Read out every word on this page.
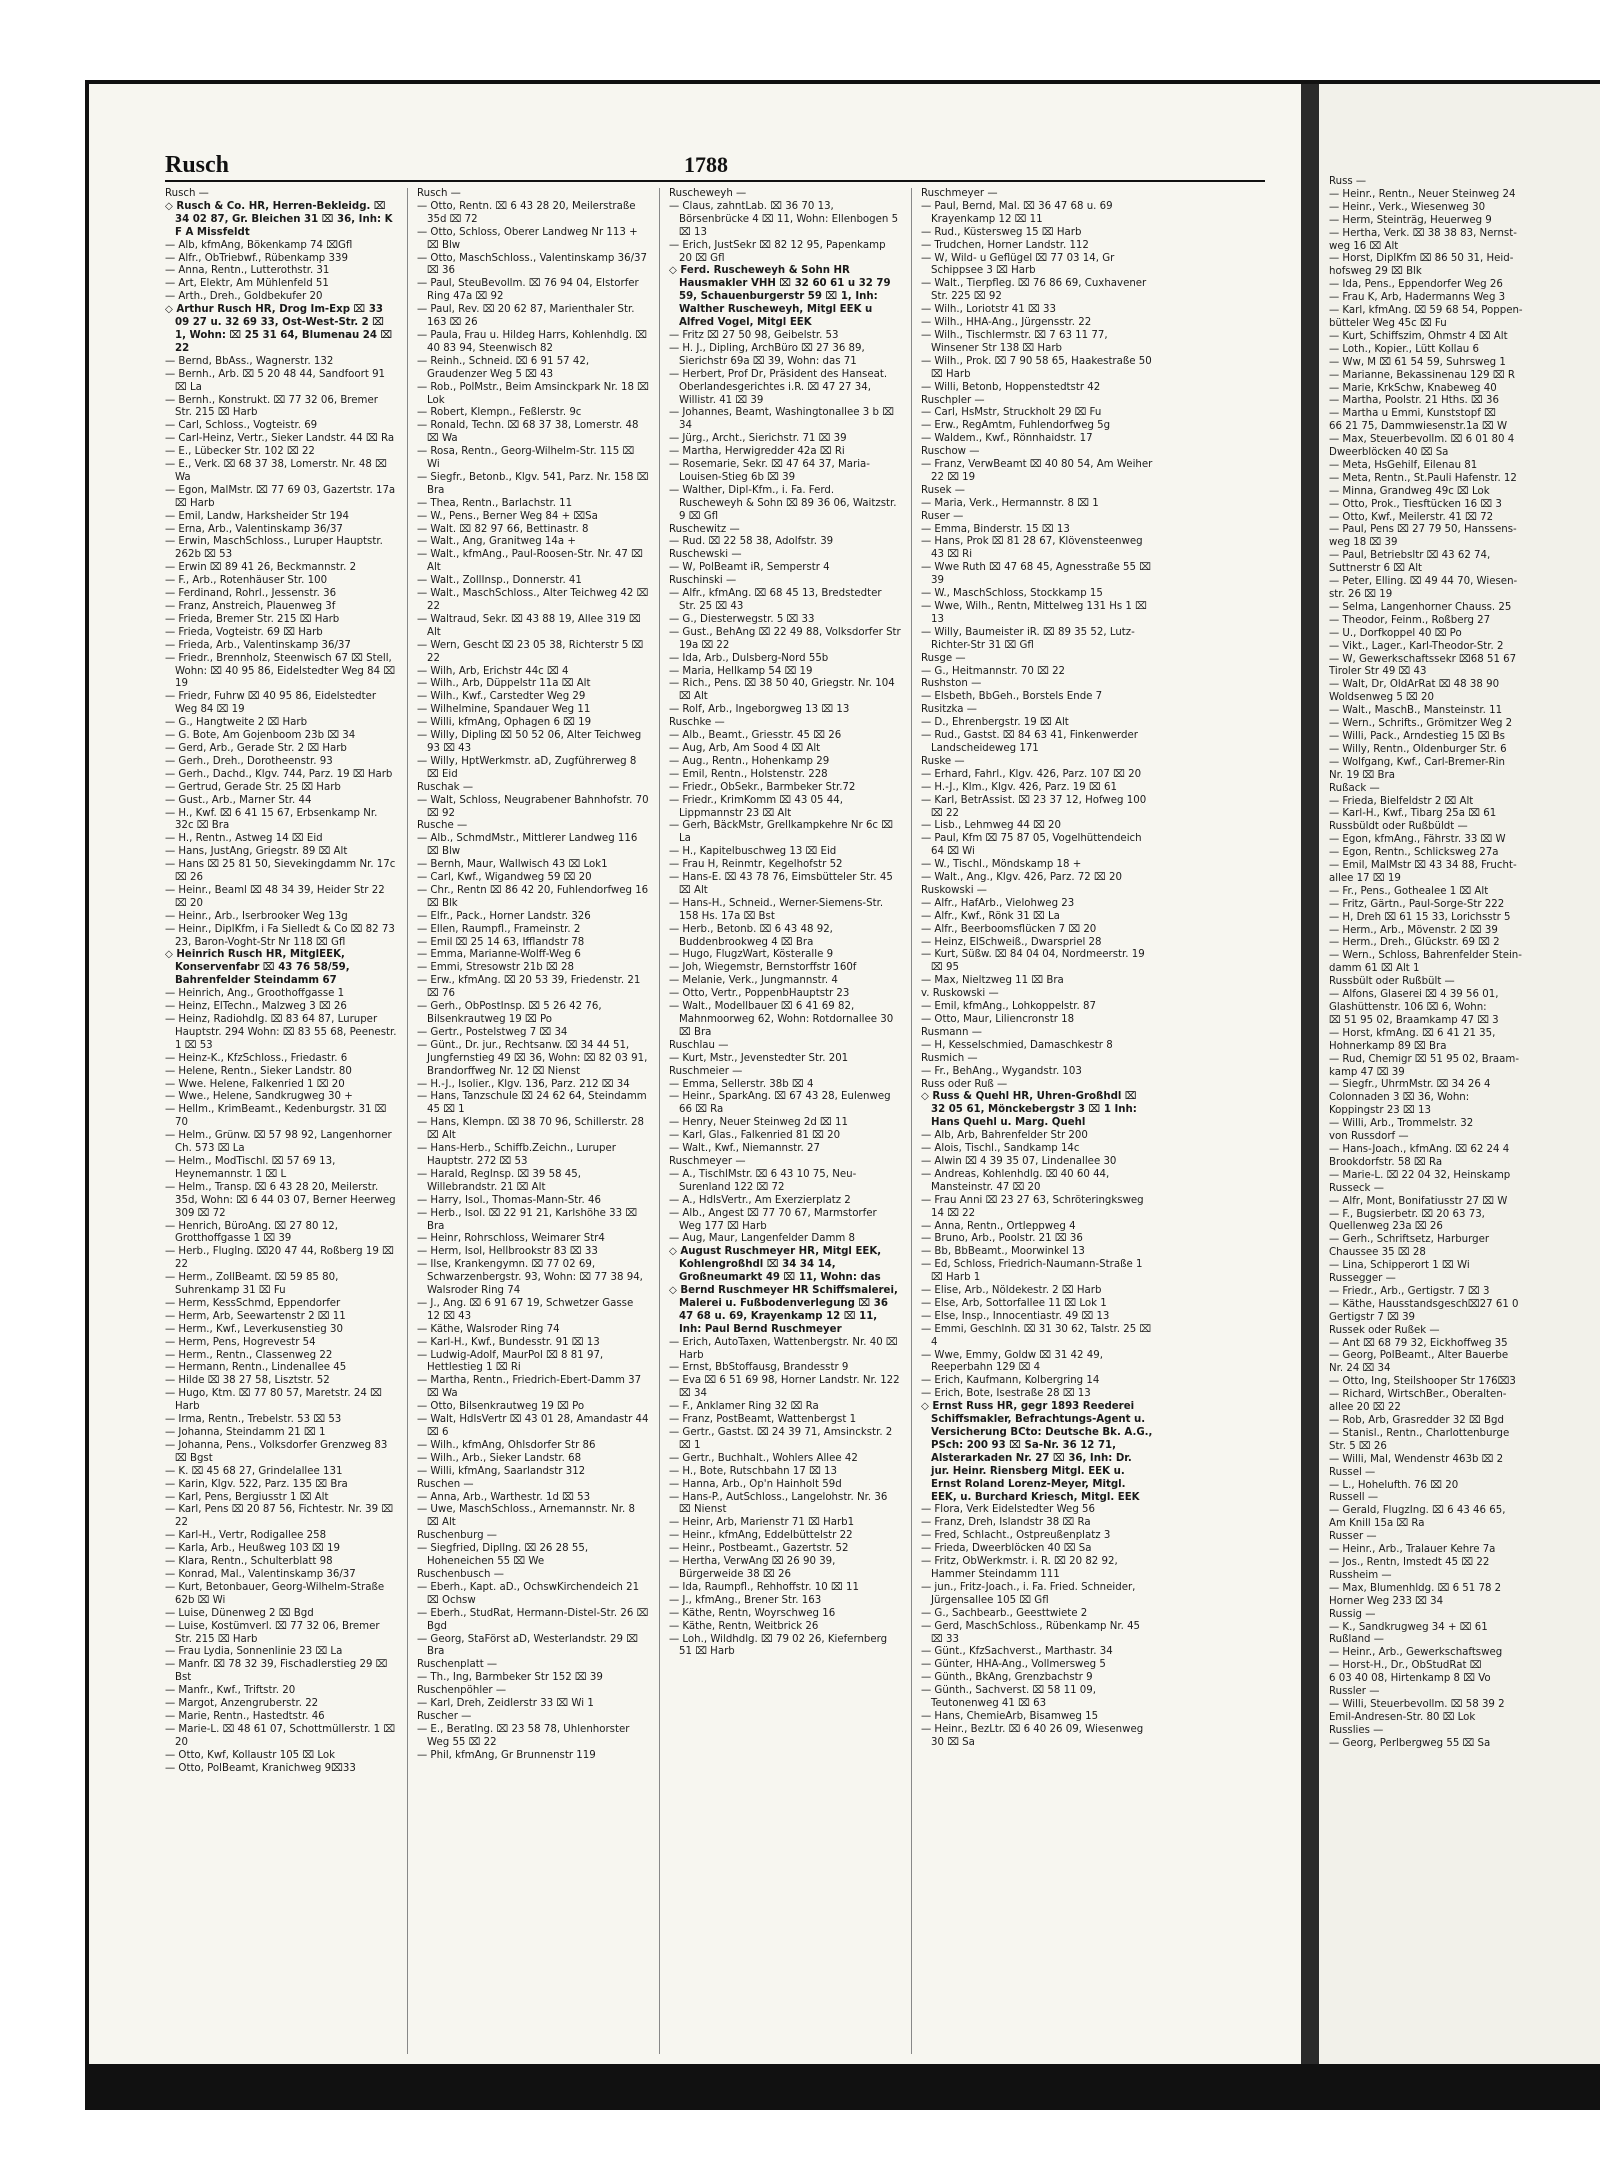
Rusch	1788
Rusch —
◇ Rusch & Co. HR, Herren-Bekleidg. ⌧ 34 02 87, Gr. Bleichen 31 ⌧ 36, Inh: K F A Missfeldt
— Alb, kfmAng, Bökenkamp 74 ⌧Gfl
— Alfr., ObTriebwf., Rübenkamp 339
— Anna, Rentn., Lutterothstr. 31
— Art, Elektr, Am Mühlenfeld 51
— Arth., Dreh., Goldbekufer 20
◇ Arthur Rusch HR, Drog Im-Exp ⌧ 33 09 27 u. 32 69 33, Ost-West-Str. 2 ⌧ 1, Wohn: ⌧ 25 31 64, Blumenau 24 ⌧ 22
— Bernd, BbAss., Wagnerstr. 132
— Bernh., Arb. ⌧ 5 20 48 44, Sandfoort 91 ⌧ La
— Bernh., Konstrukt. ⌧ 77 32 06, Bremer Str. 215 ⌧ Harb
— Carl, Schloss., Vogteistr. 69
— Carl-Heinz, Vertr., Sieker Landstr. 44 ⌧ Ra
— E., Lübecker Str. 102 ⌧ 22
— E., Verk. ⌧ 68 37 38, Lomerstr. Nr. 48 ⌧ Wa
— Egon, MalMstr. ⌧ 77 69 03, Gazertstr. 17a ⌧ Harb
— Emil, Landw, Harksheider Str 194
— Erna, Arb., Valentinskamp 36/37
— Erwin, MaschSchloss., Luruper Hauptstr. 262b ⌧ 53
— Erwin ⌧ 89 41 26, Beckmannstr. 2
— F., Arb., Rotenhäuser Str. 100
— Ferdinand, Rohrl., Jessenstr. 36
— Franz, Anstreich, Plauenweg 3f
— Frieda, Bremer Str. 215 ⌧ Harb
— Frieda, Vogteistr. 69 ⌧ Harb
— Frieda, Arb., Valentinskamp 36/37
— Friedr., Brennholz, Steenwisch 67 ⌧ Stell, Wohn: ⌧ 40 95 86, Eidelstedter Weg 84 ⌧ 19
— Friedr, Fuhrw ⌧ 40 95 86, Eidelstedter Weg 84 ⌧ 19
— G., Hangtweite 2 ⌧ Harb
— G. Bote, Am Gojenboom 23b ⌧ 34
— Gerd, Arb., Gerade Str. 2 ⌧ Harb
— Gerh., Dreh., Dorotheenstr. 93
— Gerh., Dachd., Klgv. 744, Parz. 19 ⌧ Harb
— Gertrud, Gerade Str. 25 ⌧ Harb
— Gust., Arb., Marner Str. 44
— H., Kwf. ⌧ 6 41 15 67, Erbsenkamp Nr. 32c ⌧ Bra
— H., Rentn., Astweg 14 ⌧ Eid
— Hans, JustAng, Griegstr. 89 ⌧ Alt
— Hans ⌧ 25 81 50, Sievekingdamm Nr. 17c ⌧ 26
— Heinr., Beaml ⌧ 48 34 39, Heider Str 22 ⌧ 20
— Heinr., Arb., Iserbrooker Weg 13g
— Heinr., DiplKfm, i Fa Sielledt & Co ⌧ 82 73 23, Baron-Voght-Str Nr 118 ⌧ Gfl
◇ Heinrich Rusch HR, MitglEEK, Konservenfabr ⌧ 43 76 58/59, Bahrenfelder Steindamm 67
— Heinrich, Ang., Groothoffgasse 1
— Heinz, ElTechn., Malzweg 3 ⌧ 26
— Heinz, Radiohdlg. ⌧ 83 64 87, Luruper Hauptstr. 294 Wohn: ⌧ 83 55 68, Peenestr. 1 ⌧ 53
— Heinz-K., KfzSchloss., Friedastr. 6
— Helene, Rentn., Sieker Landstr. 80
— Wwe. Helene, Falkenried 1 ⌧ 20
— Wwe., Helene, Sandkrugweg 30 +
— Hellm., KrimBeamt., Kedenburgstr. 31 ⌧ 70
— Helm., Grünw. ⌧ 57 98 92, Langenhorner Ch. 573 ⌧ La
— Helm., ModTischl. ⌧ 57 69 13, Heynemannstr. 1 ⌧ L
— Helm., Transp. ⌧ 6 43 28 20, Meilerstr. 35d, Wohn: ⌧ 6 44 03 07, Berner Heerweg 309 ⌧ 72
— Henrich, BüroAng. ⌧ 27 80 12, Grotthoffgasse 1 ⌧ 39
— Herb., Fluglng. ⌧20 47 44, Roßberg 19 ⌧ 22
— Herm., ZollBeamt. ⌧ 59 85 80, Suhrenkamp 31 ⌧ Fu
— Herm, KessSchmd, Eppendorfer
— Herm, Arb, Seewartenstr 2 ⌧ 11
— Herm., Kwf., Leverkusenstieg 30
— Herm, Pens, Hogrevestr 54
— Herm., Rentn., Classenweg 22
— Hermann, Rentn., Lindenallee 45
— Hilde ⌧ 38 27 58, Lisztstr. 52
— Hugo, Ktm. ⌧ 77 80 57, Maretstr. 24 ⌧ Harb
— Irma, Rentn., Trebelstr. 53 ⌧ 53
— Johanna, Steindamm 21 ⌧ 1
— Johanna, Pens., Volksdorfer Grenzweg 83 ⌧ Bgst
— K. ⌧ 45 68 27, Grindelallee 131
— Karin, Klgv. 522, Parz. 135 ⌧ Bra
— Karl, Pens, Bergiusstr 1 ⌧ Alt
— Karl, Pens ⌧ 20 87 56, Fichtestr. Nr. 39 ⌧ 22
— Karl-H., Vertr, Rodigallee 258
— Karla, Arb., Heußweg 103 ⌧ 19
— Klara, Rentn., Schulterblatt 98
— Konrad, Mal., Valentinskamp 36/37
— Kurt, Betonbauer, Georg-Wilhelm-Straße 62b ⌧ Wi
— Luise, Dünenweg 2 ⌧ Bgd
— Luise, Kostümverl. ⌧ 77 32 06, Bremer Str. 215 ⌧ Harb
— Frau Lydia, Sonnenlinie 23 ⌧ La
— Manfr. ⌧ 78 32 39, Fischadlerstieg 29 ⌧ Bst
— Manfr., Kwf., Triftstr. 20
— Margot, Anzengruberstr. 22
— Marie, Rentn., Hastedtstr. 46
— Marie-L. ⌧ 48 61 07, Schottmüllerstr. 1 ⌧ 20
— Otto, Kwf, Kollaustr 105 ⌧ Lok
— Otto, PolBeamt, Kranichweg 9⌧33
Rusch —
— Otto, Rentn. ⌧ 6 43 28 20, Meilerstraße 35d ⌧ 72
— Otto, Schloss, Oberer Landweg Nr 113 + ⌧ Blw
— Otto, MaschSchloss., Valentinskamp 36/37 ⌧ 36
— Paul, SteuBevollm. ⌧ 76 94 04, Elstorfer Ring 47a ⌧ 92
— Paul, Rev. ⌧ 20 62 87, Marienthaler Str. 163 ⌧ 26
— Paula, Frau u. Hildeg Harrs, Kohlenhdlg. ⌧ 40 83 94, Steenwisch 82
— Reinh., Schneid. ⌧ 6 91 57 42, Graudenzer Weg 5 ⌧ 43
— Rob., PolMstr., Beim Amsinckpark Nr. 18 ⌧ Lok
— Robert, Klempn., Feßlerstr. 9c
— Ronald, Techn. ⌧ 68 37 38, Lomerstr. 48 ⌧ Wa
— Rosa, Rentn., Georg-Wilhelm-Str. 115 ⌧ Wi
— Siegfr., Betonb., Klgv. 541, Parz. Nr. 158 ⌧ Bra
— Thea, Rentn., Barlachstr. 11
— W., Pens., Berner Weg 84 + ⌧Sa
— Walt. ⌧ 82 97 66, Bettinastr. 8
— Walt., Ang, Granitweg 14a +
— Walt., kfmAng., Paul-Roosen-Str. Nr. 47 ⌧ Alt
— Walt., ZollInsp., Donnerstr. 41
— Walt., MaschSchloss., Alter Teichweg 42 ⌧ 22
— Waltraud, Sekr. ⌧ 43 88 19, Allee 319 ⌧ Alt
— Wern, Gescht ⌧ 23 05 38, Richterstr 5 ⌧ 22
— Wilh, Arb, Erichstr 44c ⌧ 4
— Wilh., Arb, Düppelstr 11a ⌧ Alt
— Wilh., Kwf., Carstedter Weg 29
— Wilhelmine, Spandauer Weg 11
— Willi, kfmAng, Ophagen 6 ⌧ 19
— Willy, Dipling ⌧ 50 52 06, Alter Teichweg 93 ⌧ 43
— Willy, HptWerkmstr. aD, Zugführerweg 8 ⌧ Eid
Ruschak —
— Walt, Schloss, Neugrabener Bahnhofstr. 70 ⌧ 92
Rusche —
— Alb., SchmdMstr., Mittlerer Landweg 116 ⌧ Blw
— Bernh, Maur, Wallwisch 43 ⌧ Lok1
— Carl, Kwf., Wigandweg 59 ⌧ 20
— Chr., Rentn ⌧ 86 42 20, Fuhlendorfweg 16 ⌧ Blk
— Elfr., Pack., Horner Landstr. 326
— Ellen, Raumpfl., Frameinstr. 2
— Emil ⌧ 25 14 63, Ifflandstr 78
— Emma, Marianne-Wolff-Weg 6
— Emmi, Stresowstr 21b ⌧ 28
— Erw., kfmAng. ⌧ 20 53 39, Friedenstr. 21 ⌧ 76
— Gerh., ObPostInsp. ⌧ 5 26 42 76, Bilsenkrautweg 19 ⌧ Po
— Gertr., Postelstweg 7 ⌧ 34
— Günt., Dr. jur., Rechtsanw. ⌧ 34 44 51, Jungfernstieg 49 ⌧ 36, Wohn: ⌧ 82 03 91, Brandorffweg Nr. 12 ⌧ Nienst
— H.-J., Isolier., Klgv. 136, Parz. 212 ⌧ 34
— Hans, Tanzschule ⌧ 24 62 64, Steindamm 45 ⌧ 1
— Hans, Klempn. ⌧ 38 70 96, Schillerstr. 28 ⌧ Alt
— Hans-Herb., Schiffb.Zeichn., Luruper Hauptstr. 272 ⌧ 53
— Harald, Reglnsp. ⌧ 39 58 45, Willebrandstr. 21 ⌧ Alt
— Harry, Isol., Thomas-Mann-Str. 46
— Herb., Isol. ⌧ 22 91 21, Karlshöhe 33 ⌧ Bra
— Heinr, Rohrschloss, Weimarer Str4
— Herm, Isol, Hellbrookstr 83 ⌧ 33
— Ilse, Krankengymn. ⌧ 77 02 69, Schwarzenbergstr. 93, Wohn: ⌧ 77 38 94, Walsroder Ring 74
— J., Ang. ⌧ 6 91 67 19, Schwetzer Gasse 12 ⌧ 43
— Käthe, Walsroder Ring 74
— Karl-H., Kwf., Bundesstr. 91 ⌧ 13
— Ludwig-Adolf, MaurPol ⌧ 8 81 97, Hettlestieg 1 ⌧ Ri
— Martha, Rentn., Friedrich-Ebert-Damm 37 ⌧ Wa
— Otto, Bilsenkrautweg 19 ⌧ Po
— Walt, HdlsVertr ⌧ 43 01 28, Amandastr 44 ⌧ 6
— Wilh., kfmAng, Ohlsdorfer Str 86
— Wilh., Arb., Sieker Landstr. 68
— Willi, kfmAng, Saarlandstr 312
Ruschen —
— Anna, Arb., Warthestr. 1d ⌧ 53
— Uwe, MaschSchloss., Arnemannstr. Nr. 8 ⌧ Alt
Ruschenburg —
— Siegfried, Dipllng. ⌧ 26 28 55, Hoheneichen 55 ⌧ We
Ruschenbusch —
— Eberh., Kapt. aD., OchswKirchendeich 21 ⌧ Ochsw
— Eberh., StudRat, Hermann-Distel-Str. 26 ⌧ Bgd
— Georg, StaFörst aD, Westerlandstr. 29 ⌧ Bra
Ruschenplatt —
— Th., Ing, Barmbeker Str 152 ⌧ 39
Ruschenpöhler —
— Karl, Dreh, Zeidlerstr 33 ⌧ Wi 1
Ruscher —
— E., Beratlng. ⌧ 23 58 78, Uhlenhorster Weg 55 ⌧ 22
— Phil, kfmAng, Gr Brunnenstr 119
Ruscheweyh —
— Claus, zahntLab. ⌧ 36 70 13, Börsenbrücke 4 ⌧ 11, Wohn: Ellenbogen 5 ⌧ 13
— Erich, JustSekr ⌧ 82 12 95, Papenkamp 20 ⌧ Gfl
◇ Ferd. Ruscheweyh & Sohn HR Hausmakler VHH ⌧ 32 60 61 u 32 79 59, Schauenburgerstr 59 ⌧ 1, Inh: Walther Ruscheweyh, Mitgl EEK u Alfred Vogel, Mitgl EEK
— Fritz ⌧ 27 50 98, Geibelstr. 53
— H. J., Dipling, ArchBüro ⌧ 27 36 89, Sierichstr 69a ⌧ 39, Wohn: das 71
— Herbert, Prof Dr, Präsident des Hanseat. Oberlandesgerichtes i.R. ⌧ 47 27 34, Willistr. 41 ⌧ 39
— Johannes, Beamt, Washingtonallee 3 b ⌧ 34
— Jürg., Archt., Sierichstr. 71 ⌧ 39
— Martha, Herwigredder 42a ⌧ Ri
— Rosemarie, Sekr. ⌧ 47 64 37, Maria-Louisen-Stieg 6b ⌧ 39
— Walther, Dipl-Kfm., i. Fa. Ferd. Ruscheweyh & Sohn ⌧ 89 36 06, Waitzstr. 9 ⌧ Gfl
Ruschewitz —
— Rud. ⌧ 22 58 38, Adolfstr. 39
Ruschewski —
— W, PolBeamt iR, Semperstr 4
Ruschinski —
— Alfr., kfmAng. ⌧ 68 45 13, Bredstedter Str. 25 ⌧ 43
— G., Diesterwegstr. 5 ⌧ 33
— Gust., BehAng ⌧ 22 49 88, Volksdorfer Str 19a ⌧ 22
— Ida, Arb., Dulsberg-Nord 55b
— Maria, Hellkamp 54 ⌧ 19
— Rich., Pens. ⌧ 38 50 40, Griegstr. Nr. 104 ⌧ Alt
— Rolf, Arb., Ingeborgweg 13 ⌧ 13
Ruschke —
— Alb., Beamt., Griesstr. 45 ⌧ 26
— Aug, Arb, Am Sood 4 ⌧ Alt
— Aug., Rentn., Hohenkamp 29
— Emil, Rentn., Holstenstr. 228
— Friedr., ObSekr., Barmbeker Str.72
— Friedr., KrimKomm ⌧ 43 05 44, Lippmannstr 23 ⌧ Alt
— Gerh, BäckMstr, Grellkampkehre Nr 6c ⌧ La
— H., Kapitelbuschweg 13 ⌧ Eid
— Frau H, Reinmtr, Kegelhofstr 52
— Hans-E. ⌧ 43 78 76, Eimsbütteler Str. 45 ⌧ Alt
— Hans-H., Schneid., Werner-Siemens-Str. 158 Hs. 17a ⌧ Bst
— Herb., Betonb. ⌧ 6 43 48 92, Buddenbrookweg 4 ⌧ Bra
— Hugo, FlugzWart, Kösteralle 9
— Joh, Wiegemstr, Bernstorffstr 160f
— Melanie, Verk., Jungmannstr. 4
— Otto, Vertr., PoppenbHauptstr 23
— Walt., Modellbauer ⌧ 6 41 69 82, Mahnmoorweg 62, Wohn: Rotdornallee 30 ⌧ Bra
Ruschlau —
— Kurt, Mstr., Jevenstedter Str. 201
Ruschmeier —
— Emma, Sellerstr. 38b ⌧ 4
— Heinr., SparkAng. ⌧ 67 43 28, Eulenweg 66 ⌧ Ra
— Henry, Neuer Steinweg 2d ⌧ 11
— Karl, Glas., Falkenried 81 ⌧ 20
— Walt., Kwf., Niemannstr. 27
Ruschmeyer —
— A., TischlMstr. ⌧ 6 43 10 75, Neu-Surenland 122 ⌧ 72
— A., HdlsVertr., Am Exerzierplatz 2
— Alb., Angest ⌧ 77 70 67, Marmstorfer Weg 177 ⌧ Harb
— Aug, Maur, Langenfelder Damm 8
◇ August Ruschmeyer HR, Mitgl EEK, Kohlengroßhdl ⌧ 34 34 14, Großneumarkt 49 ⌧ 11, Wohn: das
◇ Bernd Ruschmeyer HR Schiffsmalerei, Malerei u. Fußbodenverlegung ⌧ 36 47 68 u. 69, Krayenkamp 12 ⌧ 11, Inh: Paul Bernd Ruschmeyer
— Erich, AutoTaxen, Wattenbergstr. Nr. 40 ⌧ Harb
— Ernst, BbStoffausg, Brandesstr 9
— Eva ⌧ 6 51 69 98, Horner Landstr. Nr. 122 ⌧ 34
— F., Anklamer Ring 32 ⌧ Ra
— Franz, PostBeamt, Wattenbergst 1
— Gertr., Gastst. ⌧ 24 39 71, Amsinckstr. 2 ⌧ 1
— Gertr., Buchhalt., Wohlers Allee 42
— H., Bote, Rutschbahn 17 ⌧ 13
— Hanna, Arb., Op'n Hainholt 59d
— Hans-P., AutSchloss., Langelohstr. Nr. 36 ⌧ Nienst
— Heinr, Arb, Marienstr 71 ⌧ Harb1
— Heinr., kfmAng, Eddelbüttelstr 22
— Heinr., Postbeamt., Gazertstr. 52
— Hertha, VerwAng ⌧ 26 90 39, Bürgerweide 38 ⌧ 26
— Ida, Raumpfl., Rehhoffstr. 10 ⌧ 11
— J., kfmAng., Brener Str. 163
— Käthe, Rentn, Woyrschweg 16
— Käthe, Rentn, Weitbrick 26
— Loh., Wildhdlg. ⌧ 79 02 26, Kiefernberg 51 ⌧ Harb
Ruschmeyer —
— Paul, Bernd, Mal. ⌧ 36 47 68 u. 69 Krayenkamp 12 ⌧ 11
— Rud., Küstersweg 15 ⌧ Harb
— Trudchen, Horner Landstr. 112
— W, Wild- u Geflügel ⌧ 77 03 14, Gr Schippsee 3 ⌧ Harb
— Walt., Tierpfleg. ⌧ 76 86 69, Cuxhavener Str. 225 ⌧ 92
— Wilh., Loriotstr 41 ⌧ 33
— Wilh., HHA-Ang., Jürgensstr. 22
— Wilh., Tischlermstr. ⌧ 7 63 11 77, Winsener Str 138 ⌧ Harb
— Wilh., Prok. ⌧ 7 90 58 65, Haakestraße 50 ⌧ Harb
— Willi, Betonb, Hoppenstedtstr 42
Ruschpler —
— Carl, HsMstr, Struckholt 29 ⌧ Fu
— Erw., RegAmtm, Fuhlendorfweg 5g
— Waldem., Kwf., Rönnhaidstr. 17
Ruschow —
— Franz, VerwBeamt ⌧ 40 80 54, Am Weiher 22 ⌧ 19
Rusek —
— Maria, Verk., Hermannstr. 8 ⌧ 1
Ruser —
— Emma, Binderstr. 15 ⌧ 13
— Hans, Prok ⌧ 81 28 67, Klövensteenweg 43 ⌧ Ri
— Wwe Ruth ⌧ 47 68 45, Agnesstraße 55 ⌧ 39
— W., MaschSchloss, Stockkamp 15
— Wwe, Wilh., Rentn, Mittelweg 131 Hs 1 ⌧ 13
— Willy, Baumeister iR. ⌧ 89 35 52, Lutz-Richter-Str 31 ⌧ Gfl
Rusge —
— G., Heitmannstr. 70 ⌧ 22
Rushston —
— Elsbeth, BbGeh., Borstels Ende 7
Rusitzka —
— D., Ehrenbergstr. 19 ⌧ Alt
— Rud., Gastst. ⌧ 84 63 41, Finkenwerder Landscheideweg 171
Ruske —
— Erhard, Fahrl., Klgv. 426, Parz. 107 ⌧ 20
— H.-J., Klm., Klgv. 426, Parz. 19 ⌧ 61
— Karl, BetrAssist. ⌧ 23 37 12, Hofweg 100 ⌧ 22
— Lisb., Lehmweg 44 ⌧ 20
— Paul, Kfm ⌧ 75 87 05, Vogelhüttendeich 64 ⌧ Wi
— W., Tischl., Möndskamp 18 +
— Walt., Ang., Klgv. 426, Parz. 72 ⌧ 20
Ruskowski —
— Alfr., HafArb., Vielohweg 23
— Alfr., Kwf., Rönk 31 ⌧ La
— Alfr., Beerboomsflücken 7 ⌧ 20
— Heinz, ElSchweiß., Dwarspriel 28
— Kurt, Süßw. ⌧ 84 04 04, Nordmeerstr. 19 ⌧ 95
— Max, Nieltzweg 11 ⌧ Bra
v. Ruskowski —
— Emil, kfmAng., Lohkoppelstr. 87
— Otto, Maur, Liliencronstr 18
Rusmann —
— H, Kesselschmied, Damaschkestr 8
Rusmich —
— Fr., BehAng., Wygandstr. 103
Russ oder Ruß —
◇ Russ & Quehl HR, Uhren-Großhdl ⌧ 32 05 61, Mönckebergstr 3 ⌧ 1 Inh: Hans Quehl u. Marg. Quehl
— Alb, Arb, Bahrenfelder Str 200
— Alois, Tischl., Sandkamp 14c
— Alwin ⌧ 4 39 35 07, Lindenallee 30
— Andreas, Kohlenhdlg. ⌧ 40 60 44, Mansteinstr. 47 ⌧ 20
— Frau Anni ⌧ 23 27 63, Schröteringksweg 14 ⌧ 22
— Anna, Rentn., Ortleppweg 4
— Bruno, Arb., Poolstr. 21 ⌧ 36
— Bb, BbBeamt., Moorwinkel 13
— Ed, Schloss, Friedrich-Naumann-Straße 1 ⌧ Harb 1
— Elise, Arb., Nöldekestr. 2 ⌧ Harb
— Else, Arb, Sottorfallee 11 ⌧ Lok 1
— Else, Insp., Innocentiastr. 49 ⌧ 13
— Emmi, Geschlnh. ⌧ 31 30 62, Talstr. 25 ⌧ 4
— Wwe, Emmy, Goldw ⌧ 31 42 49, Reeperbahn 129 ⌧ 4
— Erich, Kaufmann, Kolbergring 14
— Erich, Bote, Isestraße 28 ⌧ 13
◇ Ernst Russ HR, gegr 1893 Reederei Schiffsmakler, Befrachtungs-Agent u. Versicherung BCto: Deutsche Bk. A.G., PSch: 200 93 ⌧ Sa-Nr. 36 12 71, Alsterarkaden Nr. 27 ⌧ 36, Inh: Dr. jur. Heinr. Riensberg Mitgl. EEK u. Ernst Roland Lorenz-Meyer, Mitgl. EEK, u. Burchard Kriesch, Mitgl. EEK
— Flora, Verk Eidelstedter Weg 56
— Franz, Dreh, Islandstr 38 ⌧ Ra
— Fred, Schlacht., Ostpreußenplatz 3
— Frieda, Dweerblöcken 40 ⌧ Sa
— Fritz, ObWerkmstr. i. R. ⌧ 20 82 92, Hammer Steindamm 111
— jun., Fritz-Joach., i. Fa. Fried. Schneider, Jürgensallee 105 ⌧ Gfl
— G., Sachbearb., Geesttwiete 2
— Gerd, MaschSchloss., Rübenkamp Nr. 45 ⌧ 33
— Günt., KfzSachverst., Marthastr. 34
— Günter, HHA-Ang., Vollmersweg 5
— Günth., BkAng, Grenzbachstr 9
— Günth., Sachverst. ⌧ 58 11 09, Teutonenweg 41 ⌧ 63
— Hans, ChemieArb, Bisamweg 15
— Heinr., BezLtr. ⌧ 6 40 26 09, Wiesenweg 30 ⌧ Sa
Russ —
— Heinr., Rentn., Neuer Steinweg 24
— Heinr., Verk., Wiesenweg 30
— Herm, Steinträg, Heuerweg 9
— Hertha, Verk. ⌧ 38 38 83, Nernst-
weg 16 ⌧ Alt
— Horst, DiplKfm ⌧ 86 50 31, Heid-
hofsweg 29 ⌧ Blk
— Ida, Pens., Eppendorfer Weg 26
— Frau K, Arb, Hadermanns Weg 3
— Karl, kfmAng. ⌧ 59 68 54, Poppen-
bütteler Weg 45c ⌧ Fu
— Kurt, Schiffszim, Ohmstr 4 ⌧ Alt
— Loth., Kopier., Lütt Kollau 6
— Ww, M ⌧ 61 54 59, Suhrsweg 1
— Marianne, Bekassinenau 129 ⌧ R
— Marie, KrkSchw, Knabeweg 40
— Martha, Poolstr. 21 Hths. ⌧ 36
— Martha u Emmi, Kunststopf ⌧
66 21 75, Dammwiesenstr.1a ⌧ W
— Max, Steuerbevollm. ⌧ 6 01 80 4
Dweerblöcken 40 ⌧ Sa
— Meta, HsGehilf, Eilenau 81
— Meta, Rentn., St.Pauli Hafenstr. 12
— Minna, Grandweg 49c ⌧ Lok
— Otto, Prok., Tiesftücken 16 ⌧ 3
— Otto, Kwf., Meilerstr. 41 ⌧ 72
— Paul, Pens ⌧ 27 79 50, Hanssens-
weg 18 ⌧ 39
— Paul, Betriebsltr ⌧ 43 62 74,
Suttnerstr 6 ⌧ Alt
— Peter, Elling. ⌧ 49 44 70, Wiesen-
str. 26 ⌧ 19
— Selma, Langenhorner Chauss. 25
— Theodor, Feinm., Roßberg 27
— U., Dorfkoppel 40 ⌧ Po
— Vikt., Lager., Karl-Theodor-Str. 2
— W, Gewerkschaftssekr ⌧68 51 67
Tiroler Str 49 ⌧ 43
— Walt, Dr, OldArRat ⌧ 48 38 90
Woldsenweg 5 ⌧ 20
— Walt., MaschB., Mansteinstr. 11
— Wern., Schrifts., Grömitzer Weg 2
— Willi, Pack., Arndestieg 15 ⌧ Bs
— Willy, Rentn., Oldenburger Str. 6
— Wolfgang, Kwf., Carl-Bremer-Rin
Nr. 19 ⌧ Bra
Rußack —
— Frieda, Bielfeldstr 2 ⌧ Alt
— Karl-H., Kwf., Tibarg 25a ⌧ 61
Russbüldt oder Rußbüldt —
— Egon, kfmAng., Fährstr. 33 ⌧ W
— Egon, Rentn., Schlicksweg 27a
— Emil, MalMstr ⌧ 43 34 88, Frucht-
allee 17 ⌧ 19
— Fr., Pens., Gothealee 1 ⌧ Alt
— Fritz, Gärtn., Paul-Sorge-Str 222
— H, Dreh ⌧ 61 15 33, Lorichsstr 5
— Herm., Arb., Mövenstr. 2 ⌧ 39
— Herm., Dreh., Glückstr. 69 ⌧ 2
— Wern., Schloss, Bahrenfelder Stein-
damm 61 ⌧ Alt 1
Russbült oder Rußbült —
— Alfons, Glaserei ⌧ 4 39 56 01,
Glashüttenstr. 106 ⌧ 6, Wohn:
⌧ 51 95 02, Braamkamp 47 ⌧ 3
— Horst, kfmAng. ⌧ 6 41 21 35,
Hohnerkamp 89 ⌧ Bra
— Rud, Chemigr ⌧ 51 95 02, Braam-
kamp 47 ⌧ 39
— Siegfr., UhrmMstr. ⌧ 34 26 4
Colonnaden 3 ⌧ 36, Wohn:
Koppingstr 23 ⌧ 13
— Willi, Arb., Trommelstr. 32
von Russdorf —
— Hans-Joach., kfmAng. ⌧ 62 24 4
Brookdorfstr. 58 ⌧ Ra
— Marie-L. ⌧ 22 04 32, Heinskamp
Russeck —
— Alfr, Mont, Bonifatiusstr 27 ⌧ W
— F., Bugsierbetr. ⌧ 20 63 73,
Quellenweg 23a ⌧ 26
— Gerh., Schriftsetz, Harburger
Chaussee 35 ⌧ 28
— Lina, Schipperort 1 ⌧ Wi
Russegger —
— Friedr., Arb., Gertigstr. 7 ⌧ 3
— Käthe, Hausstandsgesch⌧27 61 0
Gertigstr 7 ⌧ 39
Russek oder Rußek —
— Ant ⌧ 68 79 32, Eickhoffweg 35
— Georg, PolBeamt., Alter Bauerbe
Nr. 24 ⌧ 34
— Otto, Ing, Steilshooper Str 176⌧3
— Richard, WirtschBer., Oberalten-
allee 20 ⌧ 22
— Rob, Arb, Grasredder 32 ⌧ Bgd
— Stanisl., Rentn., Charlottenburge
Str. 5 ⌧ 26
— Willi, Mal, Wendenstr 463b ⌧ 2
Russel —
— L., Hohelufth. 76 ⌧ 20
Russell —
— Gerald, FlugzIng. ⌧ 6 43 46 65,
Am Knill 15a ⌧ Ra
Russer —
— Heinr., Arb., Tralauer Kehre 7a
— Jos., Rentn, Imstedt 45 ⌧ 22
Russheim —
— Max, Blumenhldg. ⌧ 6 51 78 2
Horner Weg 233 ⌧ 34
Russig —
— K., Sandkrugweg 34 + ⌧ 61
Rußland —
— Heinr., Arb., Gewerkschaftsweg
— Horst-H., Dr., ObStudRat ⌧
6 03 40 08, Hirtenkamp 8 ⌧ Vo
Russler —
— Willi, Steuerbevollm. ⌧ 58 39 2
Emil-Andresen-Str. 80 ⌧ Lok
Russlies —
— Georg, Perlbergweg 55 ⌧ Sa
